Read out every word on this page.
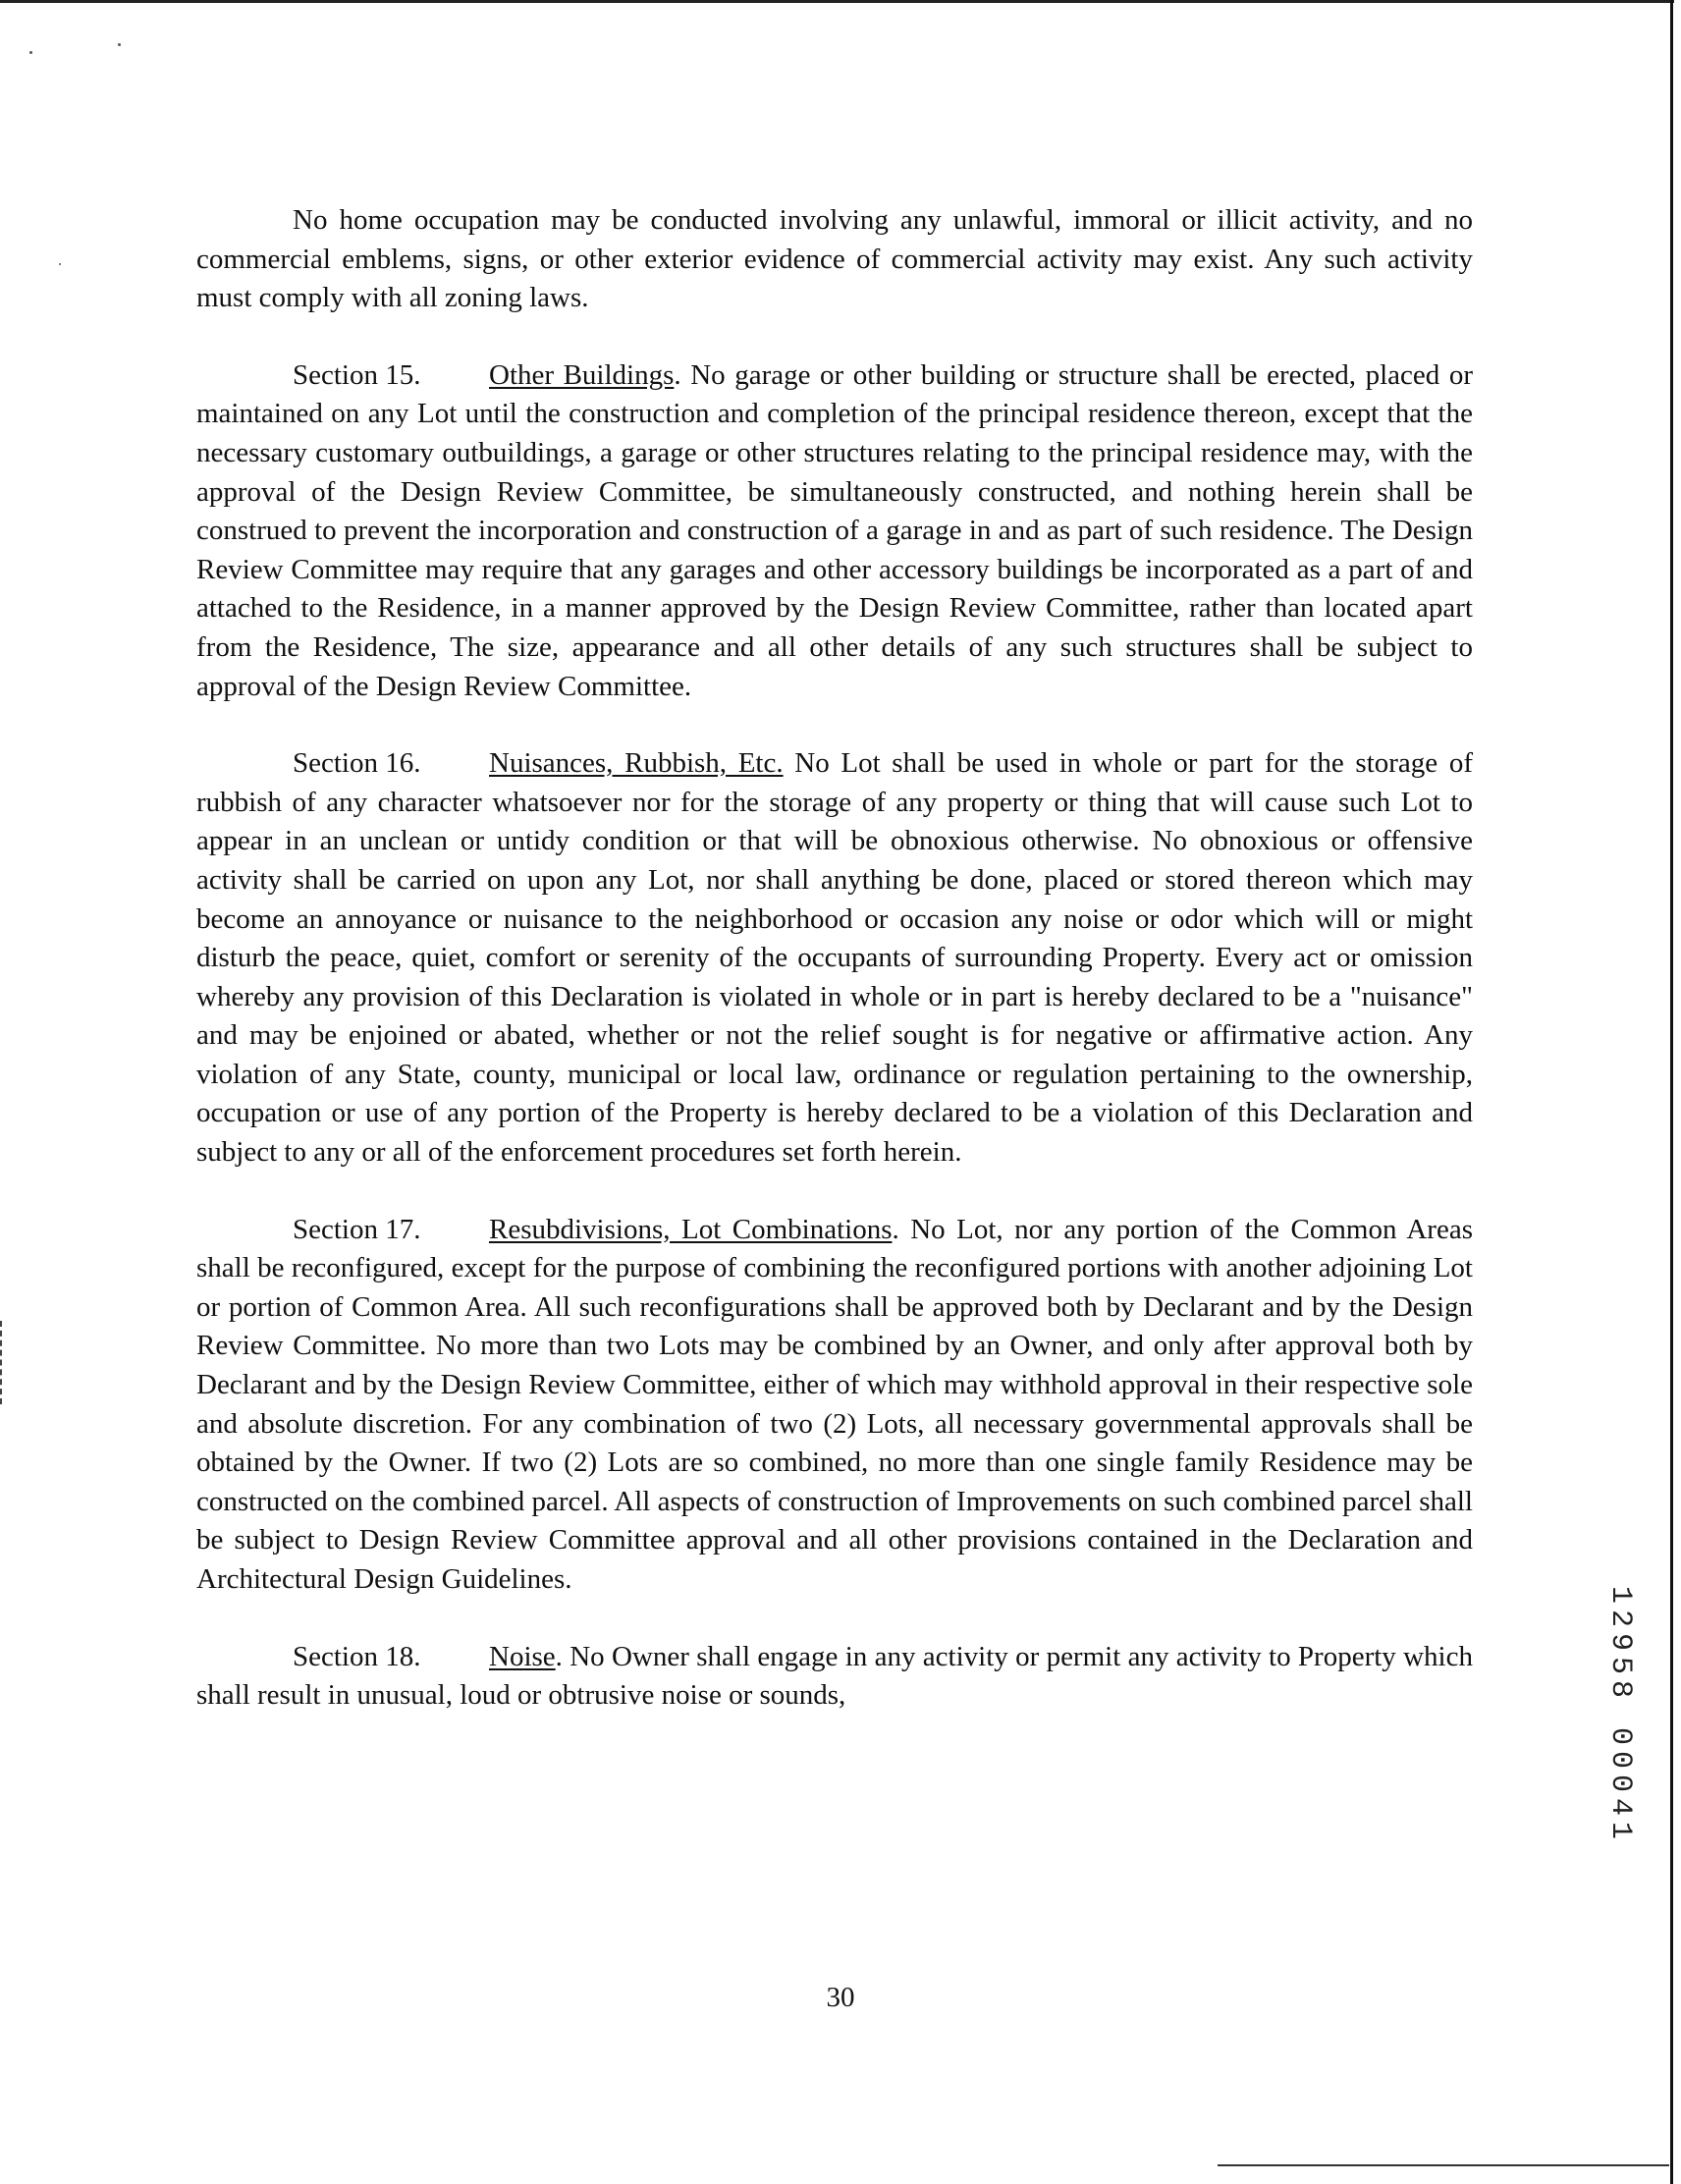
No home occupation may be conducted involving any unlawful, immoral or illicit activity, and no commercial emblems, signs, or other exterior evidence of commercial activity may exist. Any such activity must comply with all zoning laws.

Section 15. Other Buildings. No garage or other building or structure shall be erected, placed or maintained on any Lot until the construction and completion of the principal residence thereon, except that the necessary customary outbuildings, a garage or other structures relating to the principal residence may, with the approval of the Design Review Committee, be simultaneously constructed, and nothing herein shall be construed to prevent the incorporation and construction of a garage in and as part of such residence. The Design Review Committee may require that any garages and other accessory buildings be incorporated as a part of and attached to the Residence, in a manner approved by the Design Review Committee, rather than located apart from the Residence, The size, appearance and all other details of any such structures shall be subject to approval of the Design Review Committee.

Section 16. Nuisances, Rubbish, Etc. No Lot shall be used in whole or part for the storage of rubbish of any character whatsoever nor for the storage of any property or thing that will cause such Lot to appear in an unclean or untidy condition or that will be obnoxious otherwise. No obnoxious or offensive activity shall be carried on upon any Lot, nor shall anything be done, placed or stored thereon which may become an annoyance or nuisance to the neighborhood or occasion any noise or odor which will or might disturb the peace, quiet, comfort or serenity of the occupants of surrounding Property. Every act or omission whereby any provision of this Declaration is violated in whole or in part is hereby declared to be a "nuisance" and may be enjoined or abated, whether or not the relief sought is for negative or affirmative action. Any violation of any State, county, municipal or local law, ordinance or regulation pertaining to the ownership, occupation or use of any portion of the Property is hereby declared to be a violation of this Declaration and subject to any or all of the enforcement procedures set forth herein.

Section 17. Resubdivisions, Lot Combinations. No Lot, nor any portion of the Common Areas shall be reconfigured, except for the purpose of combining the reconfigured portions with another adjoining Lot or portion of Common Area. All such reconfigurations shall be approved both by Declarant and by the Design Review Committee. No more than two Lots may be combined by an Owner, and only after approval both by Declarant and by the Design Review Committee, either of which may withhold approval in their respective sole and absolute discretion. For any combination of two (2) Lots, all necessary governmental approvals shall be obtained by the Owner. If two (2) Lots are so combined, no more than one single family Residence may be constructed on the combined parcel. All aspects of construction of Improvements on such combined parcel shall be subject to Design Review Committee approval and all other provisions contained in the Declaration and Architectural Design Guidelines.

Section 18. Noise. No Owner shall engage in any activity or permit any activity to Property which shall result in unusual, loud or obtrusive noise or sounds,

1
2
9
5
8
0
0
0
4
1
30
